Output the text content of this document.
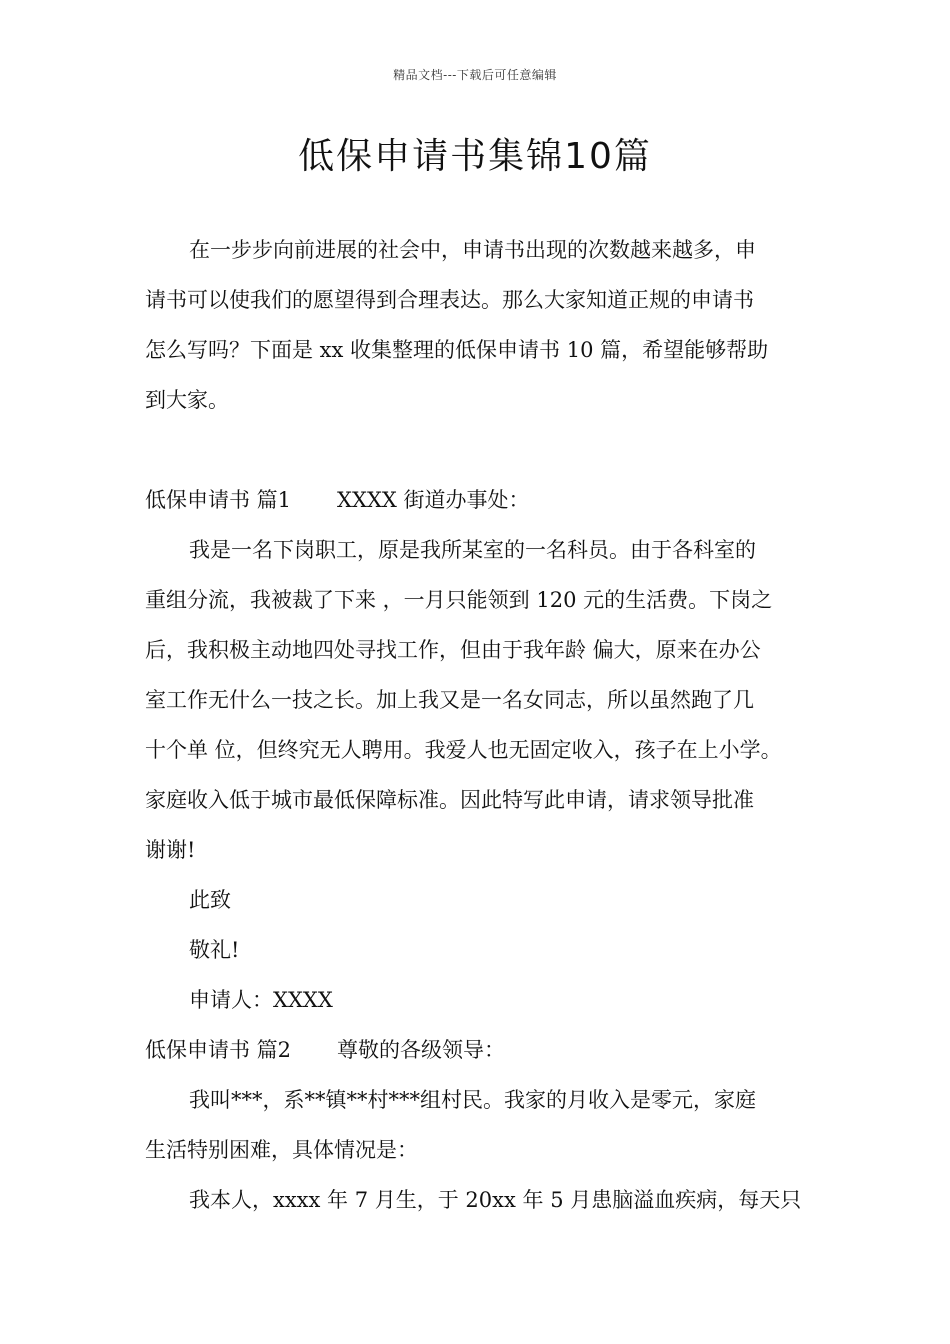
精品文档---下载后可任意编辑
低保申请书集锦10篇

在一步步向前进展的社会中，申请书出现的次数越来越多，申

请书可以使我们的愿望得到合理表达。那么大家知道正规的申请书

怎么写吗？下面是 xx 收集整理的低保申请书 10 篇，希望能够帮助

到大家。

低保申请书 篇1 XXXX 街道办事处：

我是一名下岗职工，原是我所某室的一名科员。由于各科室的

重组分流，我被裁了下来 ，一月只能领到 120 元的生活费。下岗之

后，我积极主动地四处寻找工作，但由于我年龄 偏大，原来在办公

室工作无什么一技之长。加上我又是一名女同志，所以虽然跑了几

十个单 位，但终究无人聘用。我爱人也无固定收入，孩子在上小学。

家庭收入低于城市最低保障标准。因此特写此申请，请求领导批准

谢谢!

此致

敬礼!

申请人：XXXX

低保申请书 篇2 尊敬的各级领导：

我叫***，系**镇**村***组村民。我家的月收入是零元，家庭

生活特别困难，具体情况是：

我本人，xxxx 年 7 月生，于 20xx 年 5 月患脑溢血疾病，每天只
